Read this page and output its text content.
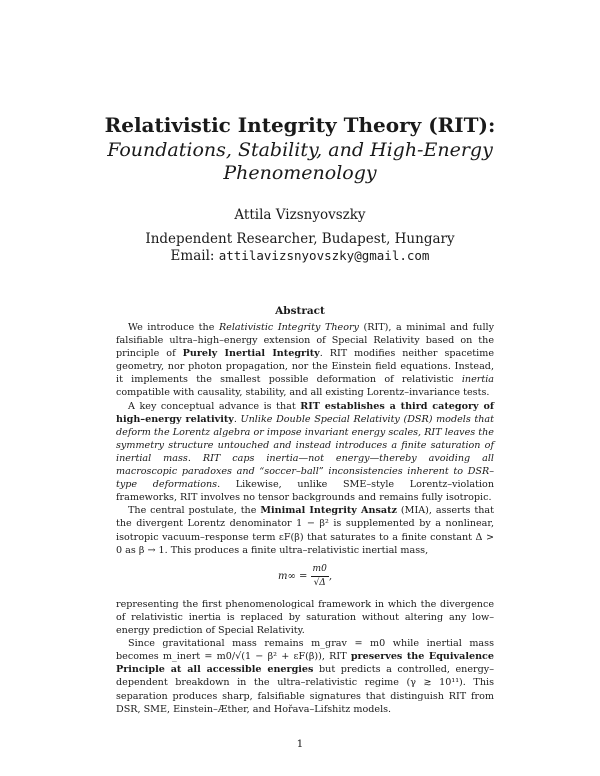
Relativistic Integrity Theory (RIT):
Foundations, Stability, and High-Energy
Phenomenology
Attila Vizsnyovszky
Independent Researcher, Budapest, Hungary
Email: attilavizsnyovszky@gmail.com
Abstract

We introduce the Relativistic Integrity Theory (RIT), a minimal and fully falsifiable ultra–high–energy extension of Special Relativity based on the principle of Purely Inertial Integrity. RIT modifies neither spacetime geometry, nor photon propagation, nor the Einstein field equations. Instead, it implements the smallest possible deformation of relativistic inertia compatible with causality, stability, and all existing Lorentz–invariance tests.

A key conceptual advance is that RIT establishes a third category of high–energy relativity. Unlike Double Special Relativity (DSR) models that deform the Lorentz algebra or impose invariant energy scales, RIT leaves the symmetry structure untouched and instead introduces a finite saturation of inertial mass. RIT caps inertia—not energy—thereby avoiding all macroscopic paradoxes and “soccer–ball” inconsistencies inherent to DSR–type deformations. Likewise, unlike SME–style Lorentz–violation frameworks, RIT involves no tensor backgrounds and remains fully isotropic.

The central postulate, the Minimal Integrity Ansatz (MIA), asserts that the divergent Lorentz denominator 1 − β² is supplemented by a nonlinear, isotropic vacuum–response term εF(β) that saturates to a finite constant Δ > 0 as β → 1. This produces a finite ultra–relativistic inertial mass,

$m\infty = \frac{m0}{√\Delta}$ ,

representing the first phenomenological framework in which the divergence of relativistic inertia is replaced by saturation without altering any low–energy prediction of Special Relativity.

Since gravitational mass remains m_grav = m0 while inertial mass becomes m_inert = m0/√(1 − β² + εF(β)), RIT preserves the Equivalence Principle at all accessible energies but predicts a controlled, energy–dependent breakdown in the ultra–relativistic regime (γ ≳ 10¹¹). This separation produces sharp, falsifiable signatures that distinguish RIT from DSR, SME, Einstein–Æther, and Hořava–Lifshitz models.

1
